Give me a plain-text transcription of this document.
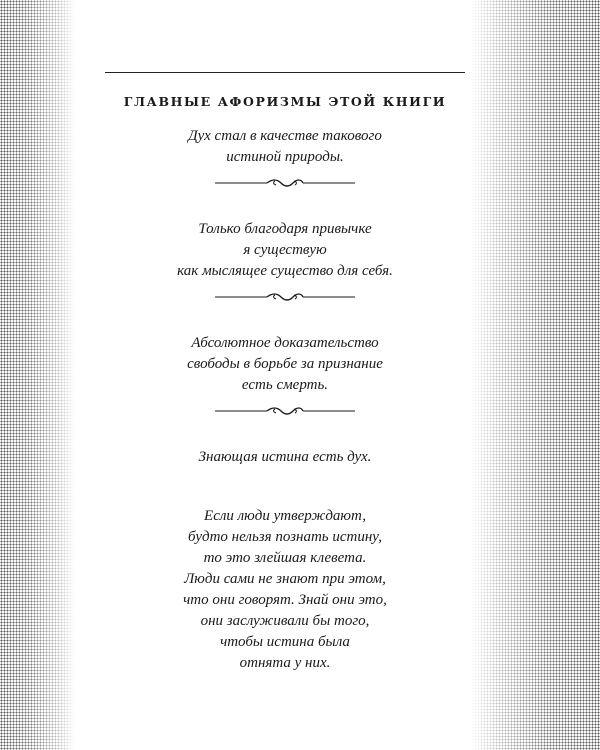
ГЛАВНЫЕ АФОРИЗМЫ ЭТОЙ КНИГИ
Дух стал в качестве такового
истиной природы.
Только благодаря привычке
я существую
как мыслящее существо для себя.
Абсолютное доказательство
свободы в борьбе за признание
есть смерть.
Знающая истина есть дух.
Если люди утверждают,
будто нельзя познать истину,
то это злейшая клевета.
Люди сами не знают при этом,
что они говорят. Знай они это,
они заслуживали бы того,
чтобы истина была
отнята у них.
